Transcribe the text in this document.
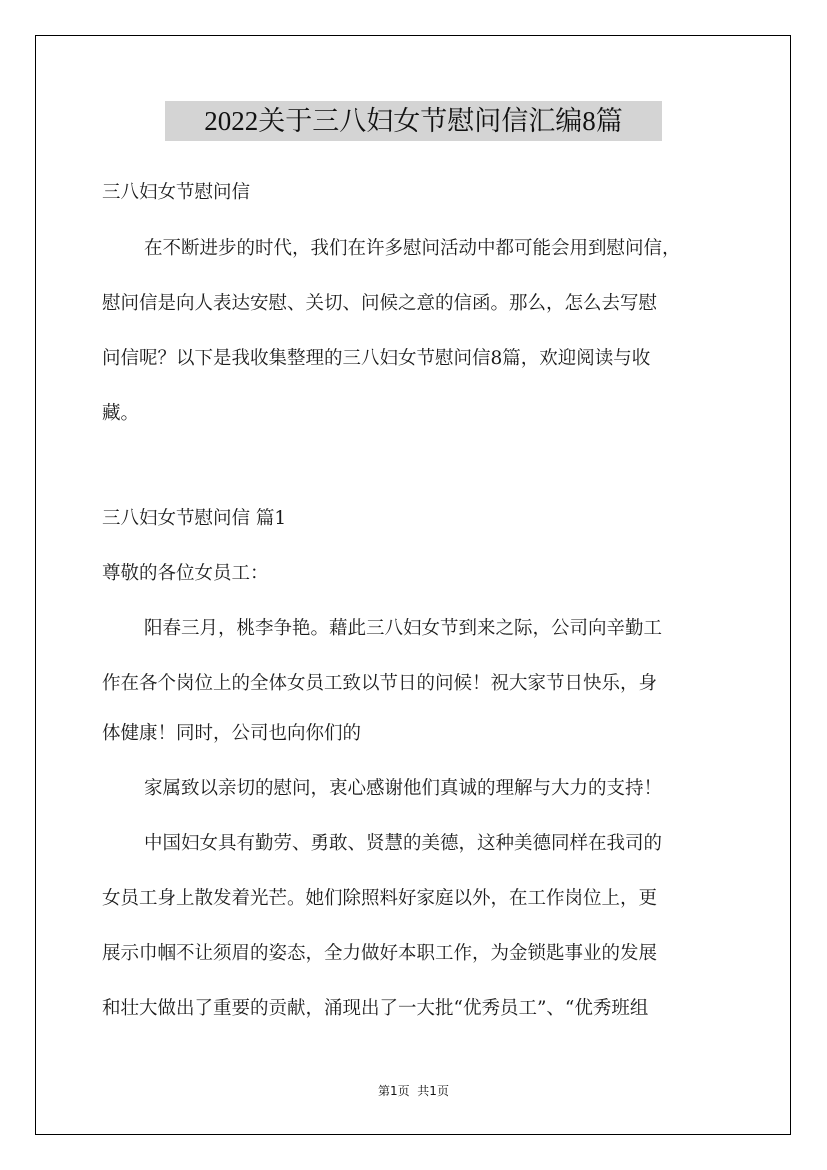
2022关于三八妇女节慰问信汇编8篇
三八妇女节慰问信
在不断进步的时代，我们在许多慰问活动中都可能会用到慰问信，
慰问信是向人表达安慰、关切、问候之意的信函。那么，怎么去写慰
问信呢？以下是我收集整理的三八妇女节慰问信8篇，欢迎阅读与收
藏。
三八妇女节慰问信 篇1
尊敬的各位女员工：
阳春三月，桃李争艳。藉此三八妇女节到来之际，公司向辛勤工
作在各个岗位上的全体女员工致以节日的问候！祝大家节日快乐，身
体健康！同时，公司也向你们的
家属致以亲切的慰问，衷心感谢他们真诚的理解与大力的支持！
中国妇女具有勤劳、勇敢、贤慧的美德，这种美德同样在我司的
女员工身上散发着光芒。她们除照料好家庭以外，在工作岗位上，更
展示巾帼不让须眉的姿态，全力做好本职工作，为金锁匙事业的发展
和壮大做出了重要的贡献，涌现出了一大批“优秀员工”、“优秀班组
第1页  共1页
